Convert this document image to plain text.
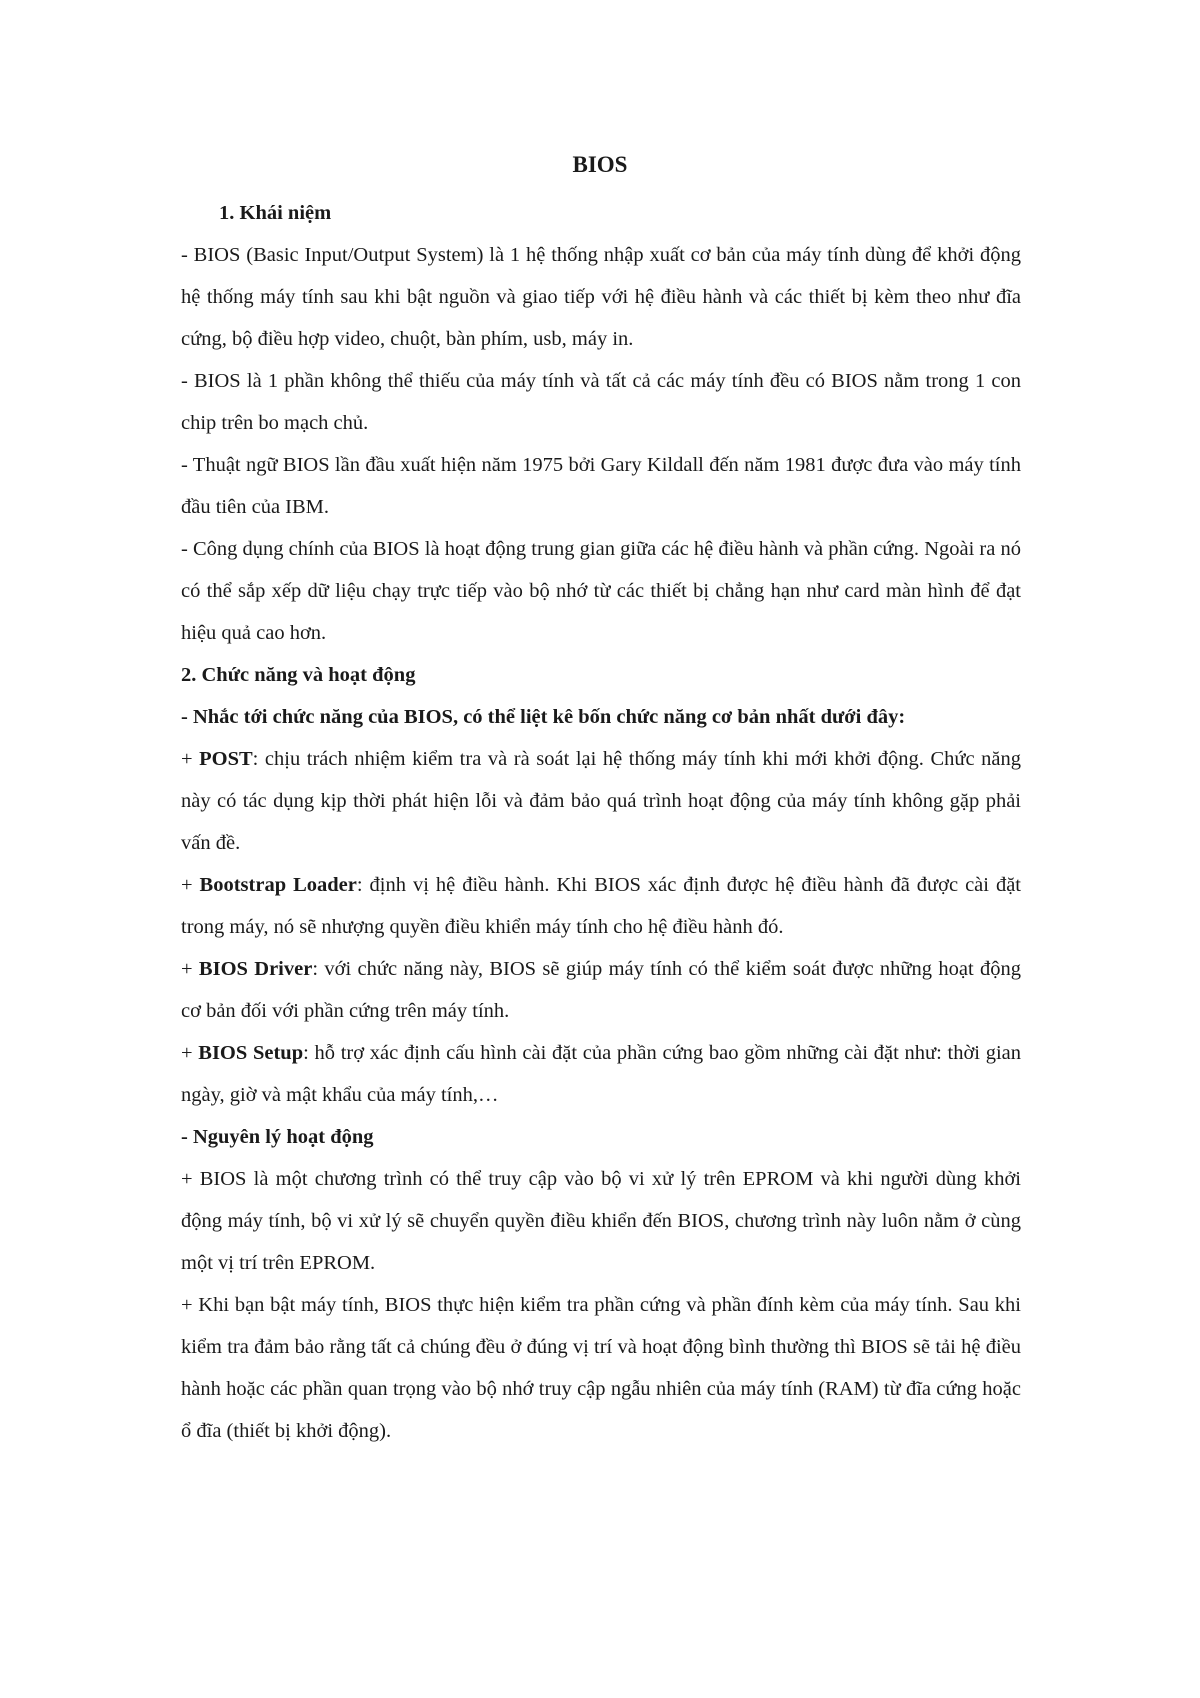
BIOS

1. Khái niệm

- BIOS (Basic Input/Output System) là 1 hệ thống nhập xuất cơ bản của máy tính dùng để khởi động hệ thống máy tính sau khi bật nguồn và giao tiếp với hệ điều hành và các thiết bị kèm theo như đĩa cứng, bộ điều hợp video, chuột, bàn phím, usb, máy in.

- BIOS là 1 phần không thể thiếu của máy tính và tất cả các máy tính đều có BIOS nằm trong 1 con chip trên bo mạch chủ.

- Thuật ngữ BIOS lần đầu xuất hiện năm 1975 bởi Gary Kildall đến năm 1981 được đưa vào máy tính đầu tiên của IBM.

- Công dụng chính của BIOS là hoạt động trung gian giữa các hệ điều hành và phần cứng. Ngoài ra nó có thể sắp xếp dữ liệu chạy trực tiếp vào bộ nhớ từ các thiết bị chẳng hạn như card màn hình để đạt hiệu quả cao hơn.

2. Chức năng và hoạt động

- Nhắc tới chức năng của BIOS, có thể liệt kê bốn chức năng cơ bản nhất dưới đây:

+ POST: chịu trách nhiệm kiểm tra và rà soát lại hệ thống máy tính khi mới khởi động. Chức năng này có tác dụng kịp thời phát hiện lỗi và đảm bảo quá trình hoạt động của máy tính không gặp phải vấn đề.

+ Bootstrap Loader: định vị hệ điều hành. Khi BIOS xác định được hệ điều hành đã được cài đặt trong máy, nó sẽ nhượng quyền điều khiển máy tính cho hệ điều hành đó.

+ BIOS Driver: với chức năng này, BIOS sẽ giúp máy tính có thể kiểm soát được những hoạt động cơ bản đối với phần cứng trên máy tính.

+ BIOS Setup: hỗ trợ xác định cấu hình cài đặt của phần cứng bao gồm những cài đặt như: thời gian ngày, giờ và mật khẩu của máy tính,…

- Nguyên lý hoạt động

+ BIOS là một chương trình có thể truy cập vào bộ vi xử lý trên EPROM và khi người dùng khởi động máy tính, bộ vi xử lý sẽ chuyển quyền điều khiển đến BIOS, chương trình này luôn nằm ở cùng một vị trí trên EPROM.

+ Khi bạn bật máy tính, BIOS thực hiện kiểm tra phần cứng và phần đính kèm của máy tính. Sau khi kiểm tra đảm bảo rằng tất cả chúng đều ở đúng vị trí và hoạt động bình thường thì BIOS sẽ tải hệ điều hành hoặc các phần quan trọng vào bộ nhớ truy cập ngẫu nhiên của máy tính (RAM) từ đĩa cứng hoặc ổ đĩa (thiết bị khởi động).
